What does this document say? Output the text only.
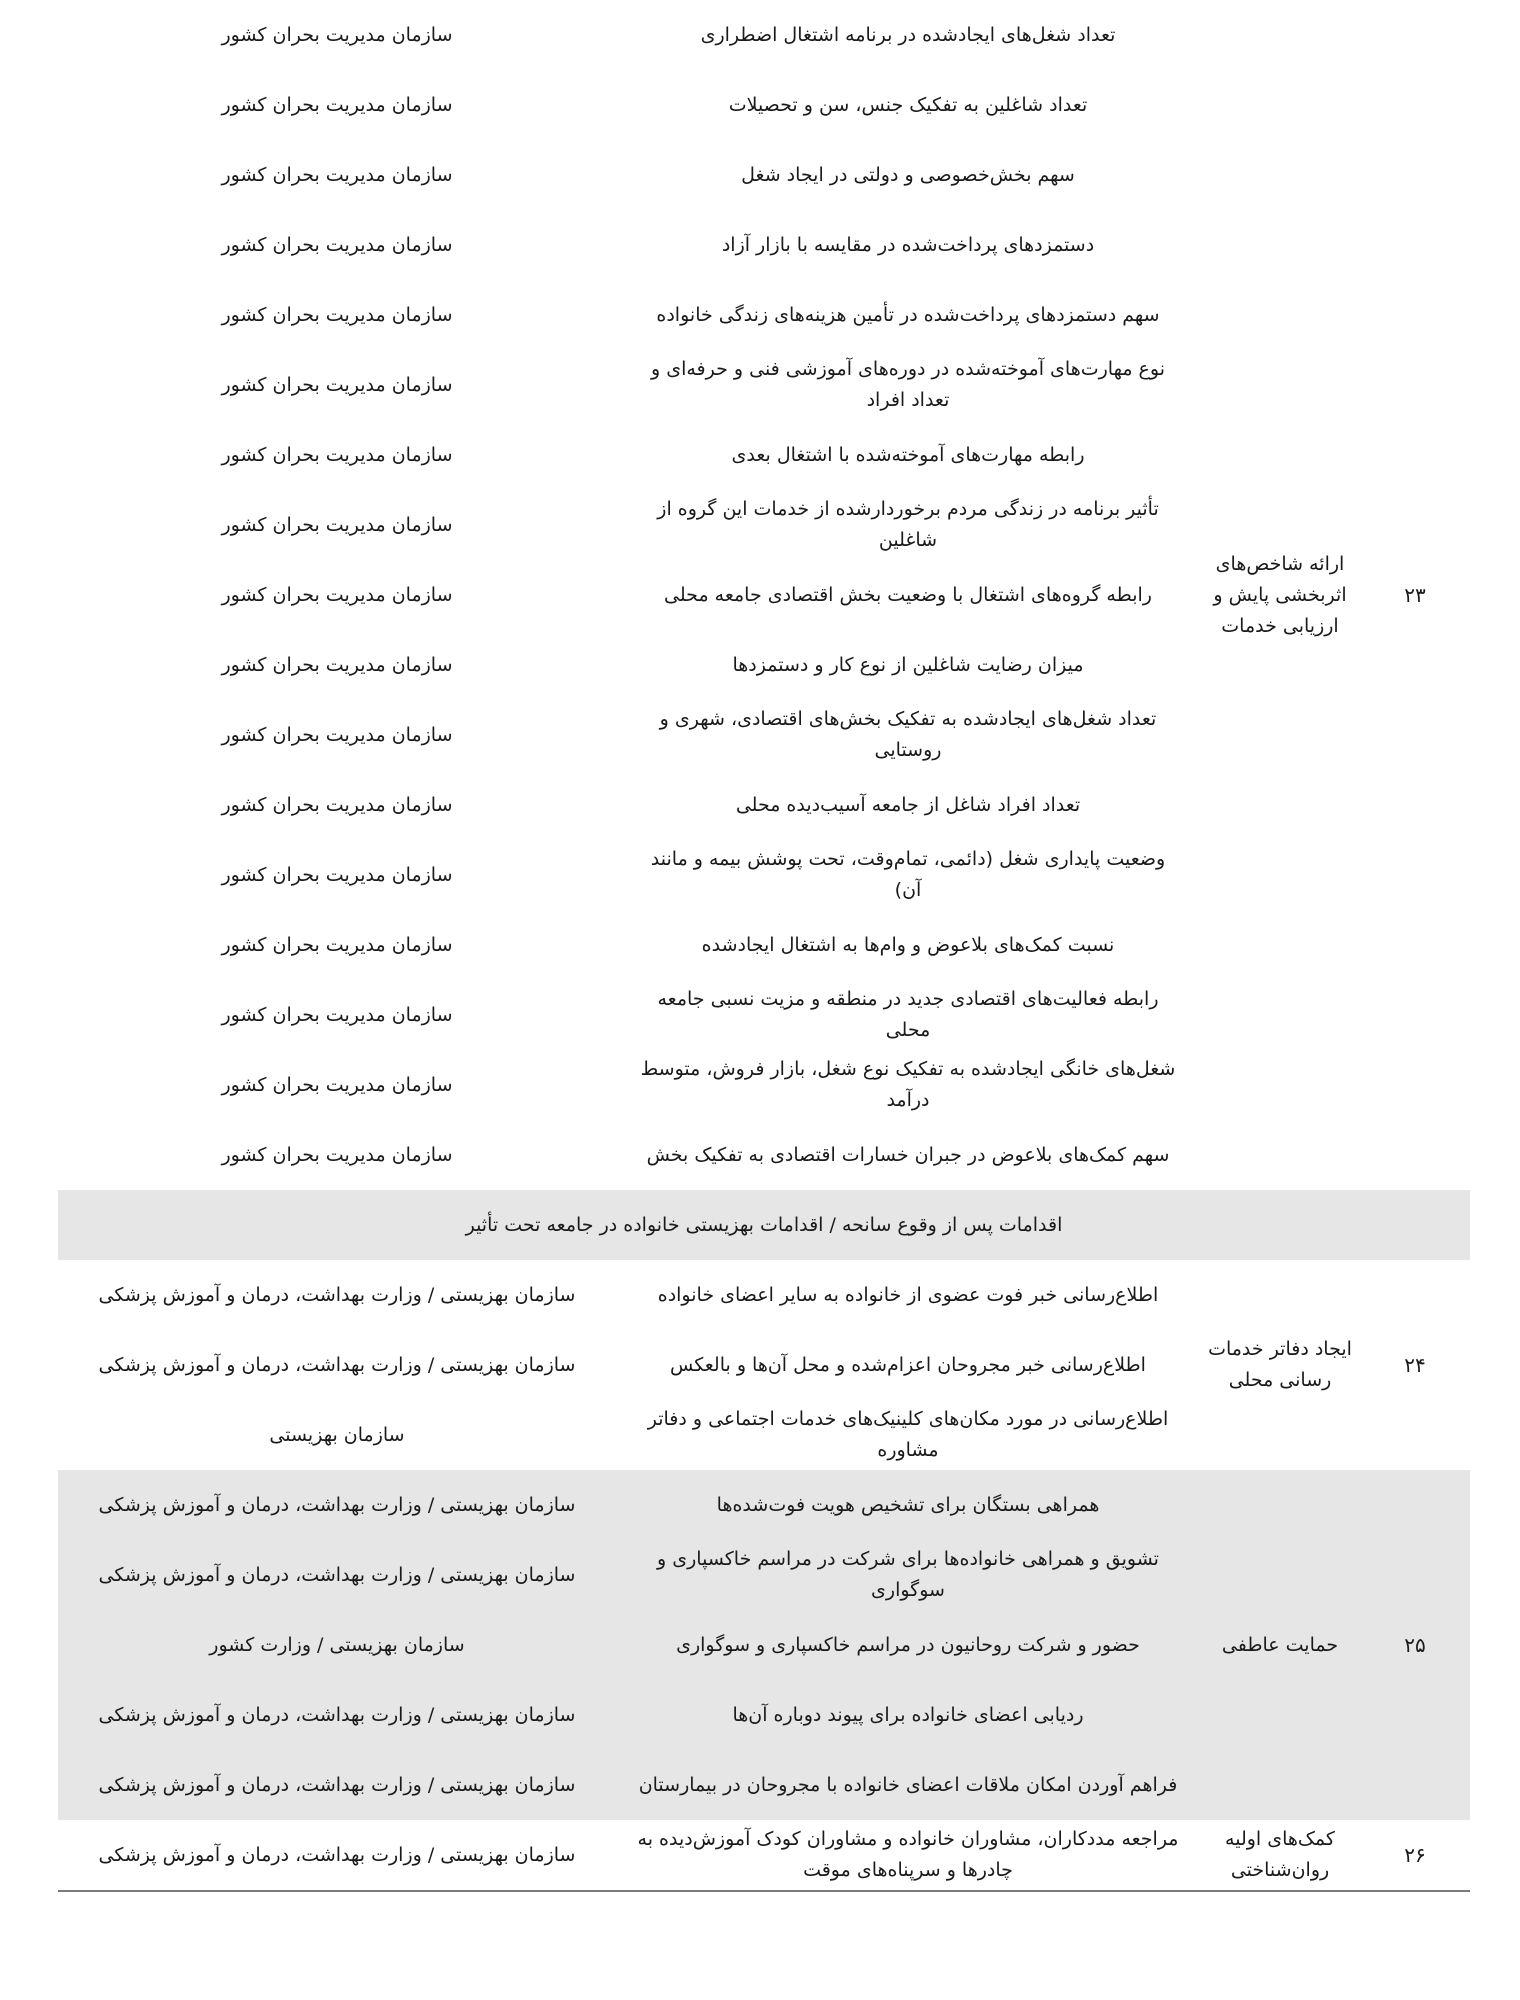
۲۳	ارائه شاخص‌های اثربخشی پایش و ارزیابی خدمات	تعداد شغل‌های ایجادشده در برنامه اشتغال اضطراری	سازمان مدیریت بحران کشور
		تعداد شاغلین به تفکیک جنس، سن و تحصیلات	سازمان مدیریت بحران کشور
		سهم بخش‌خصوصی و دولتی در ایجاد شغل	سازمان مدیریت بحران کشور
		دستمزدهای پرداخت‌شده در مقایسه با بازار آزاد	سازمان مدیریت بحران کشور
		سهم دستمزدهای پرداخت‌شده در تأمین هزینه‌های زندگی خانواده	سازمان مدیریت بحران کشور
		نوع مهارت‌های آموخته‌شده در دوره‌های آموزشی فنی و حرفه‌ای و تعداد افراد	سازمان مدیریت بحران کشور
		رابطه مهارت‌های آموخته‌شده با اشتغال بعدی	سازمان مدیریت بحران کشور
		تأثیر برنامه در زندگی مردم برخوردارشده از خدمات این گروه از شاغلین	سازمان مدیریت بحران کشور
		رابطه گروه‌های اشتغال با وضعیت بخش اقتصادی جامعه محلی	سازمان مدیریت بحران کشور
		میزان رضایت شاغلین از نوع کار و دستمزدها	سازمان مدیریت بحران کشور
		تعداد شغل‌های ایجادشده به تفکیک بخش‌های اقتصادی، شهری و روستایی	سازمان مدیریت بحران کشور
		تعداد افراد شاغل از جامعه آسیب‌دیده محلی	سازمان مدیریت بحران کشور
		وضعیت پایداری شغل (دائمی، تمام‌وقت، تحت پوشش بیمه و مانند آن)	سازمان مدیریت بحران کشور
		نسبت کمک‌های بلاعوض و وام‌ها به اشتغال ایجادشده	سازمان مدیریت بحران کشور
		رابطه فعالیت‌های اقتصادی جدید در منطقه و مزیت نسبی جامعه محلی	سازمان مدیریت بحران کشور
		شغل‌های خانگی ایجادشده به تفکیک نوع شغل، بازار فروش، متوسط درآمد	سازمان مدیریت بحران کشور
		سهم کمک‌های بلاعوض در جبران خسارات اقتصادی به تفکیک بخش	سازمان مدیریت بحران کشور
اقدامات پس از وقوع سانحه / اقدامات بهزیستی خانواده در جامعه تحت تأثیر			
۲۴	ایجاد دفاتر خدمات رسانی محلی	اطلاع‌رسانی خبر فوت عضوی از خانواده به سایر اعضای خانواده	سازمان بهزیستی / وزارت بهداشت، درمان و آموزش پزشکی
		اطلاع‌رسانی خبر مجروحان اعزام‌شده و محل آن‌ها و بالعکس	سازمان بهزیستی / وزارت بهداشت، درمان و آموزش پزشکی
		اطلاع‌رسانی در مورد مکان‌های کلینیک‌های خدمات اجتماعی و دفاتر مشاوره	سازمان بهزیستی
۲۵	حمایت عاطفی	همراهی بستگان برای تشخیص هویت فوت‌شده‌ها	سازمان بهزیستی / وزارت بهداشت، درمان و آموزش پزشکی
		تشویق و همراهی خانواده‌ها برای شرکت در مراسم خاکسپاری و سوگواری	سازمان بهزیستی / وزارت بهداشت، درمان و آموزش پزشکی
		حضور و شرکت روحانیون در مراسم خاکسپاری و سوگواری	سازمان بهزیستی / وزارت کشور
		ردیابی اعضای خانواده برای پیوند دوباره آن‌ها	سازمان بهزیستی / وزارت بهداشت، درمان و آموزش پزشکی
		فراهم آوردن امکان ملاقات اعضای خانواده با مجروحان در بیمارستان	سازمان بهزیستی / وزارت بهداشت، درمان و آموزش پزشکی
۲۶	کمک‌های اولیه روان‌شناختی	مراجعه مددکاران، مشاوران خانواده و مشاوران کودک آموزش‌دیده به چادرها و سرپناه‌های موقت	سازمان بهزیستی / وزارت بهداشت، درمان و آموزش پزشکی
